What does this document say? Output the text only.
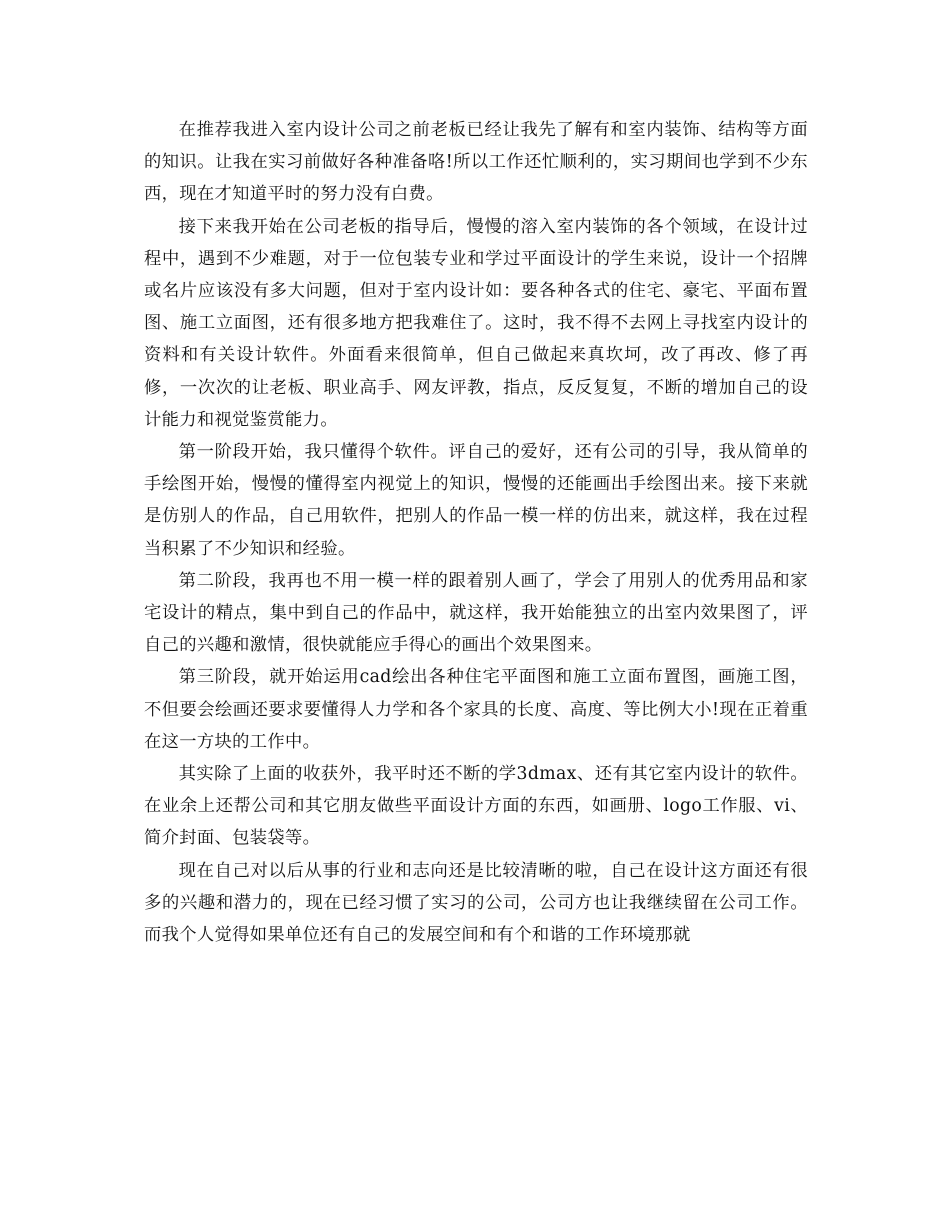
在推荐我进入室内设计公司之前老板已经让我先了解有和室内装饰、结构等方面的知识。让我在实习前做好各种准备咯!所以工作还忙顺利的，实习期间也学到不少东西，现在才知道平时的努力没有白费。

接下来我开始在公司老板的指导后，慢慢的溶入室内装饰的各个领域，在设计过程中，遇到不少难题，对于一位包装专业和学过平面设计的学生来说，设计一个招牌或名片应该没有多大问题，但对于室内设计如：要各种各式的住宅、豪宅、平面布置图、施工立面图，还有很多地方把我难住了。这时，我不得不去网上寻找室内设计的资料和有关设计软件。外面看来很简单，但自己做起来真坎坷，改了再改、修了再修，一次次的让老板、职业高手、网友评教，指点，反反复复，不断的增加自己的设计能力和视觉鉴赏能力。

第一阶段开始，我只懂得个软件。评自己的爱好，还有公司的引导，我从简单的手绘图开始，慢慢的懂得室内视觉上的知识，慢慢的还能画出手绘图出来。接下来就是仿别人的作品，自己用软件，把别人的作品一模一样的仿出来，就这样，我在过程当积累了不少知识和经验。

第二阶段，我再也不用一模一样的跟着别人画了，学会了用别人的优秀用品和家宅设计的精点，集中到自己的作品中，就这样，我开始能独立的出室内效果图了，评自己的兴趣和激情，很快就能应手得心的画出个效果图来。

第三阶段，就开始运用cad绘出各种住宅平面图和施工立面布置图，画施工图，不但要会绘画还要求要懂得人力学和各个家具的长度、高度、等比例大小!现在正着重在这一方块的工作中。

其实除了上面的收获外，我平时还不断的学3dmax、还有其它室内设计的软件。在业余上还帮公司和其它朋友做些平面设计方面的东西，如画册、logo工作服、vi、简介封面、包装袋等。

现在自己对以后从事的行业和志向还是比较清晰的啦，自己在设计这方面还有很多的兴趣和潜力的，现在已经习惯了实习的公司，公司方也让我继续留在公司工作。而我个人觉得如果单位还有自己的发展空间和有个和谐的工作环境那就
